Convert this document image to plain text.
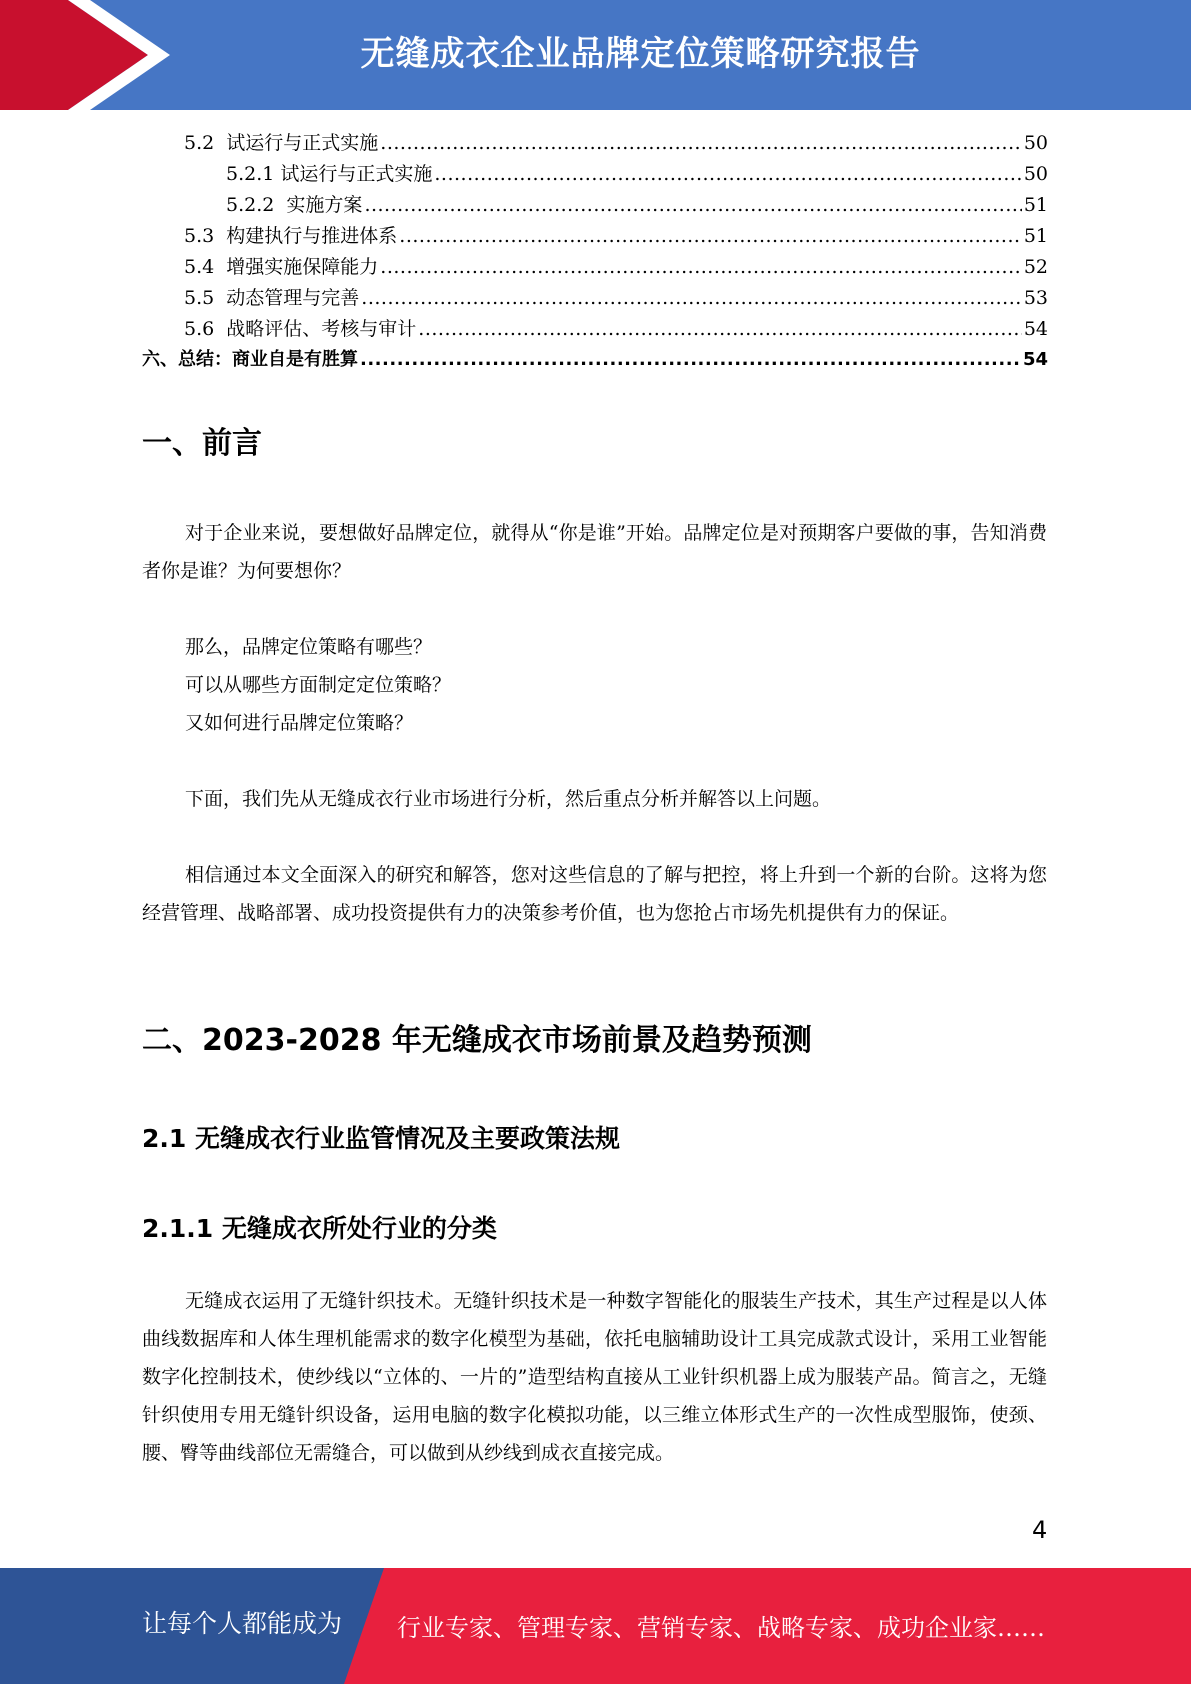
无缝成衣企业品牌定位策略研究报告
5.2  试运行与正式实施 .....	50
5.2.1 试运行与正式实施 .....	50
5.2.2  实施方案 .....	51
5.3  构建执行与推进体系 .....	51
5.4  增强实施保障能力 .....	52
5.5  动态管理与完善 .....	53
5.6  战略评估、考核与审计 .....	54
六、总结：商业自是有胜算 .....	54
一、前言
对于企业来说，要想做好品牌定位，就得从“你是谁”开始。品牌定位是对预期客户要做的事，告知消费者你是谁？为何要想你？
那么，品牌定位策略有哪些？
可以从哪些方面制定定位策略？
又如何进行品牌定位策略？
下面，我们先从无缝成衣行业市场进行分析，然后重点分析并解答以上问题。
相信通过本文全面深入的研究和解答，您对这些信息的了解与把控，将上升到一个新的台阶。这将为您经营管理、战略部署、成功投资提供有力的决策参考价值，也为您抢占市场先机提供有力的保证。
二、2023-2028 年无缝成衣市场前景及趋势预测
2.1 无缝成衣行业监管情况及主要政策法规
2.1.1 无缝成衣所处行业的分类
无缝成衣运用了无缝针织技术。无缝针织技术是一种数字智能化的服装生产技术，其生产过程是以人体曲线数据库和人体生理机能需求的数字化模型为基础，依托电脑辅助设计工具完成款式设计，采用工业智能数字化控制技术，使纱线以“立体的、一片的”造型结构直接从工业针织机器上成为服装产品。简言之，无缝针织使用专用无缝针织设备，运用电脑的数字化模拟功能，以三维立体形式生产的一次性成型服饰，使颈、腰、臀等曲线部位无需缝合，可以做到从纱线到成衣直接完成。
4
让每个人都能成为 行业专家、管理专家、营销专家、战略专家、成功企业家……
